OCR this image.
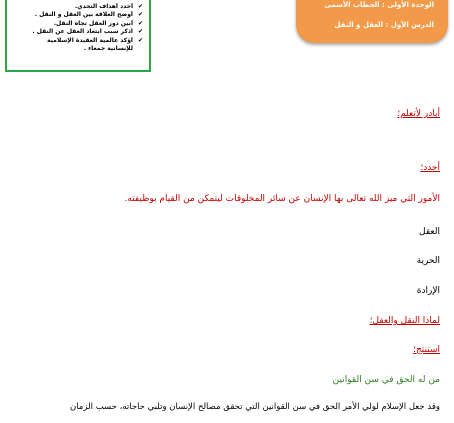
✔
أحدد أهداف التحدي.
✔
أوضح العلاقة بين العقل و النقل .
✔
أبين دور العقل تجاه النقل.
✔
اذكر سبب ابتعاد العقل عن النقل .
✔
أؤكد عالمية العقيدة الإسلامية
للإنسانية جمعاء .
الوحدة الأولى : الخطاب الأسمى
الدرس الأول : العقل و النقل
أبادر لأتعلم؛
أحدد؛
الأمور التي ميز الله تعالى بها الإنسان عن سائر المخلوقات ليتمكن من القيام بوظيفته.
العقل
الحرية
الإرادة
لماذا النقل والعقل؛
استنتج؛
من له الحق في سن القوانين
وقد جعل الإسلام لولي الأمر الحق في سن القوانين التي تحقق مصالح الإنسان وتلبي حاجاته، حسب الزمان
